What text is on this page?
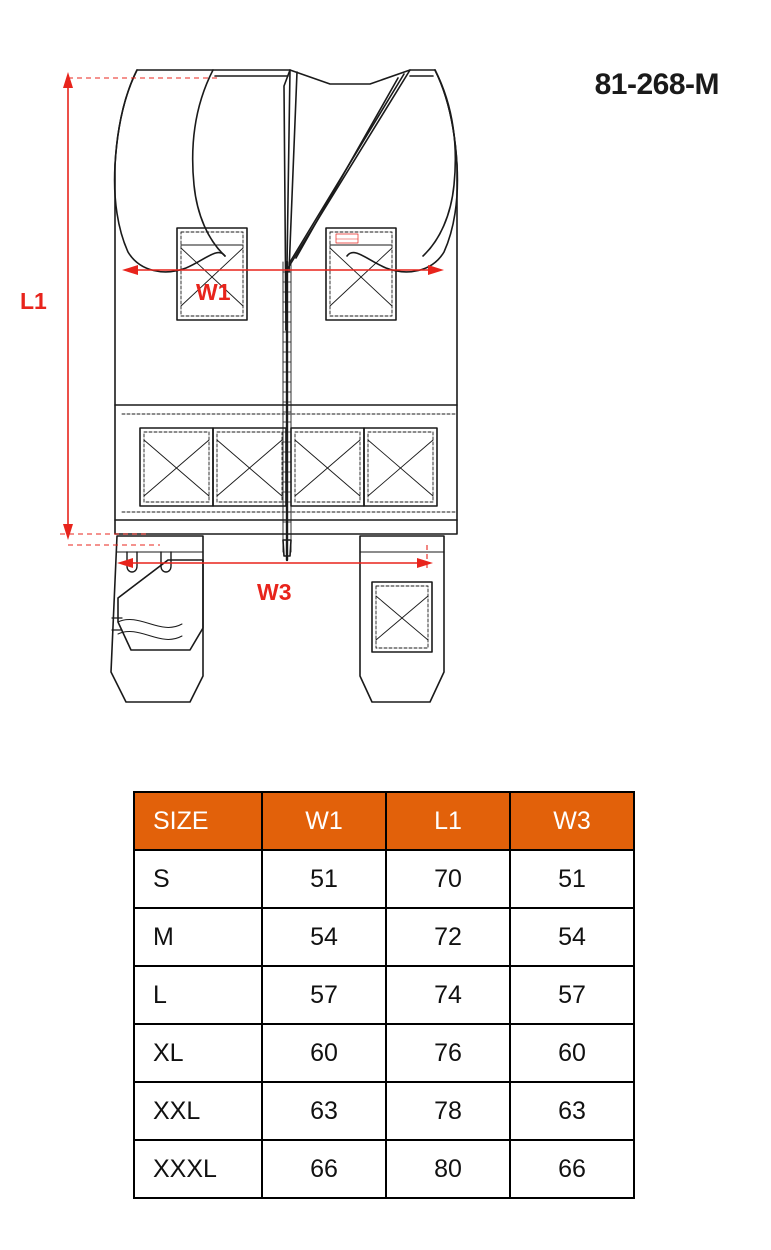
81-268-M
L1	W1
W3
SIZE	W1	L1	W3
S	51	70	51
M	54	72	54
L	57	74	57
XL	60	76	60
XXL	63	78	63
XXXL	66	80	66
